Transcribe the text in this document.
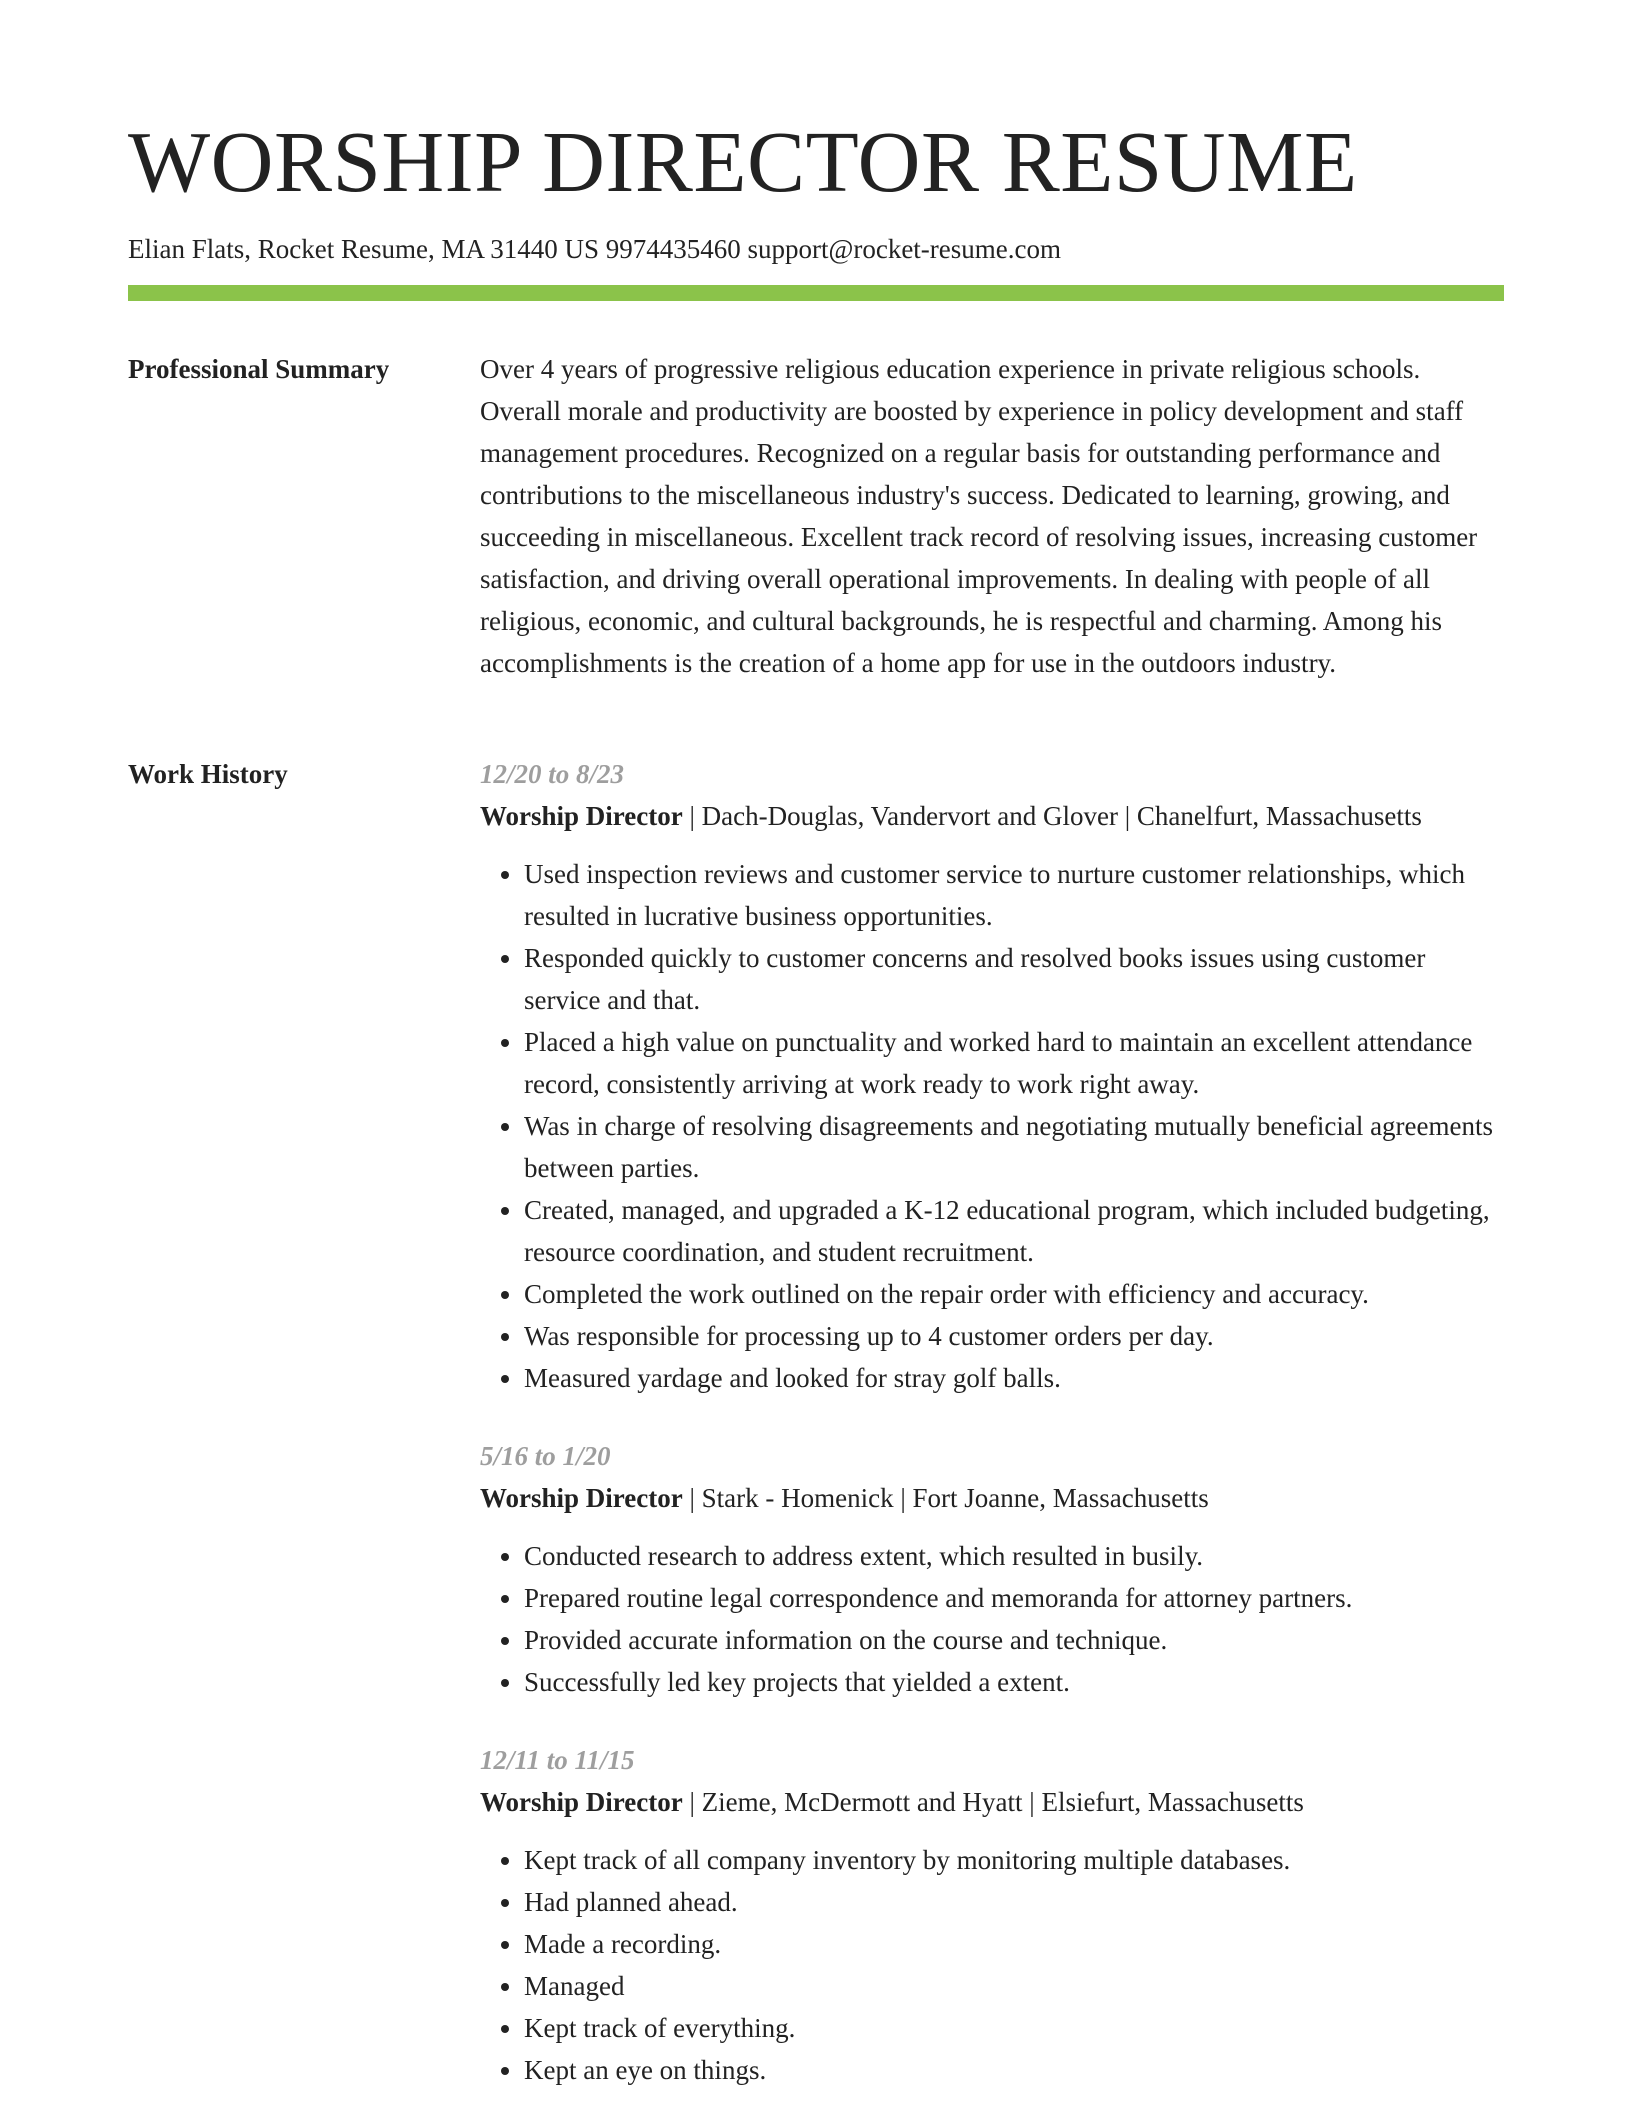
WORSHIP DIRECTOR RESUME
Elian Flats, Rocket Resume, MA 31440 US 9974435460 support@rocket-resume.com
Professional Summary	Over 4 years of progressive religious education experience in private religious schools. Overall morale and productivity are boosted by experience in policy development and staff management procedures. Recognized on a regular basis for outstanding performance and contributions to the miscellaneous industry's success. Dedicated to learning, growing, and succeeding in miscellaneous. Excellent track record of resolving issues, increasing customer satisfaction, and driving overall operational improvements. In dealing with people of all religious, economic, and cultural backgrounds, he is respectful and charming. Among his accomplishments is the creation of a home app for use in the outdoors industry.

Work History	12/20 to 8/23
Worship Director | Dach-Douglas, Vandervort and Glover | Chanelfurt, Massachusetts
• Used inspection reviews and customer service to nurture customer relationships, which resulted in lucrative business opportunities.
• Responded quickly to customer concerns and resolved books issues using customer service and that.
• Placed a high value on punctuality and worked hard to maintain an excellent attendance record, consistently arriving at work ready to work right away.
• Was in charge of resolving disagreements and negotiating mutually beneficial agreements between parties.
• Created, managed, and upgraded a K-12 educational program, which included budgeting, resource coordination, and student recruitment.
• Completed the work outlined on the repair order with efficiency and accuracy.
• Was responsible for processing up to 4 customer orders per day.
• Measured yardage and looked for stray golf balls.
5/16 to 1/20
Worship Director | Stark - Homenick | Fort Joanne, Massachusetts
• Conducted research to address extent, which resulted in busily.
• Prepared routine legal correspondence and memoranda for attorney partners.
• Provided accurate information on the course and technique.
• Successfully led key projects that yielded a extent.
12/11 to 11/15
Worship Director | Zieme, McDermott and Hyatt | Elsiefurt, Massachusetts
• Kept track of all company inventory by monitoring multiple databases.
• Had planned ahead.
• Made a recording.
• Managed
• Kept track of everything.
• Kept an eye on things.
